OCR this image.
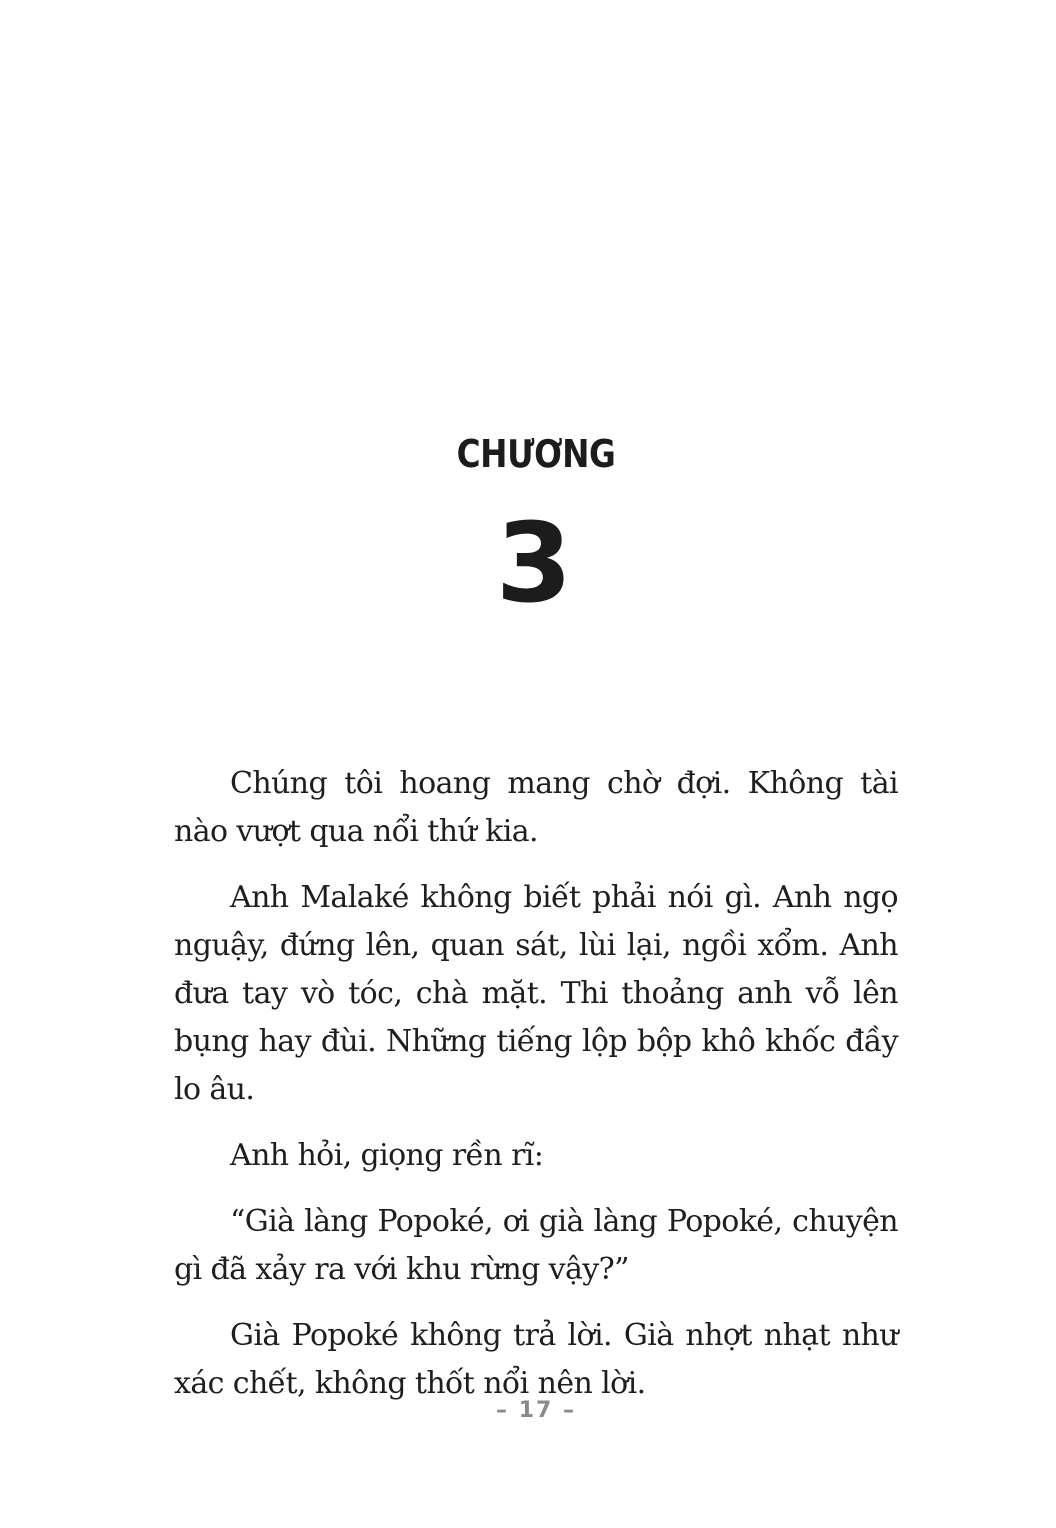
CHƯƠNG
3

Chúng tôi hoang mang chờ đợi. Không tài nào vượt qua nổi thứ kia.

Anh Malaké không biết phải nói gì. Anh ngọ nguậy, đứng lên, quan sát, lùi lại, ngồi xổm. Anh đưa tay vò tóc, chà mặt. Thi thoảng anh vỗ lên bụng hay đùi. Những tiếng lộp bộp khô khốc đầy lo âu.

Anh hỏi, giọng rền rĩ:

“Già làng Popoké, ơi già làng Popoké, chuyện gì đã xảy ra với khu rừng vậy?”

Già Popoké không trả lời. Già nhợt nhạt như xác chết, không thốt nổi nên lời.

– 17 –
